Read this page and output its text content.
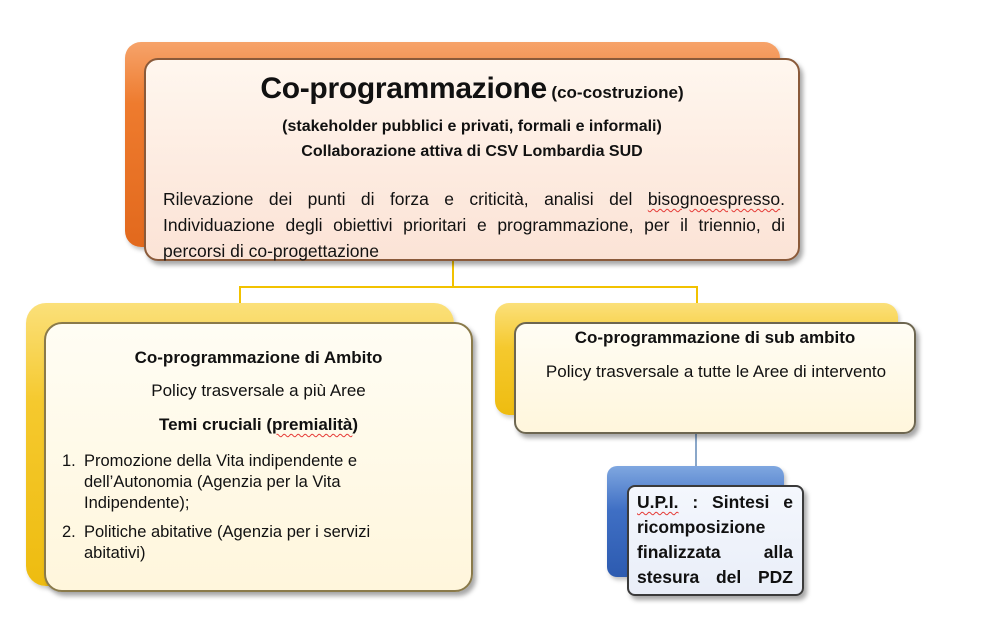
Co-programmazione (co-costruzione)
(stakeholder pubblici e privati, formali e informali)
Collaborazione attiva di CSV Lombardia SUD
Rilevazione dei punti di forza e criticità, analisi del bisognoespresso. Individuazione degli obiettivi prioritari e programmazione, per il triennio, di percorsi di co-progettazione
Co-programmazione di Ambito
Policy trasversale a più Aree
Temi cruciali (premialità)
1. Promozione della Vita indipendente e dell’Autonomia (Agenzia per la Vita Indipendente);
2. Politiche abitative (Agenzia per i servizi abitativi)
Co-programmazione di sub ambito
Policy trasversale a tutte le Aree di intervento
U.P.I. : Sintesi e ricomposizione finalizzata alla stesura del PDZ
